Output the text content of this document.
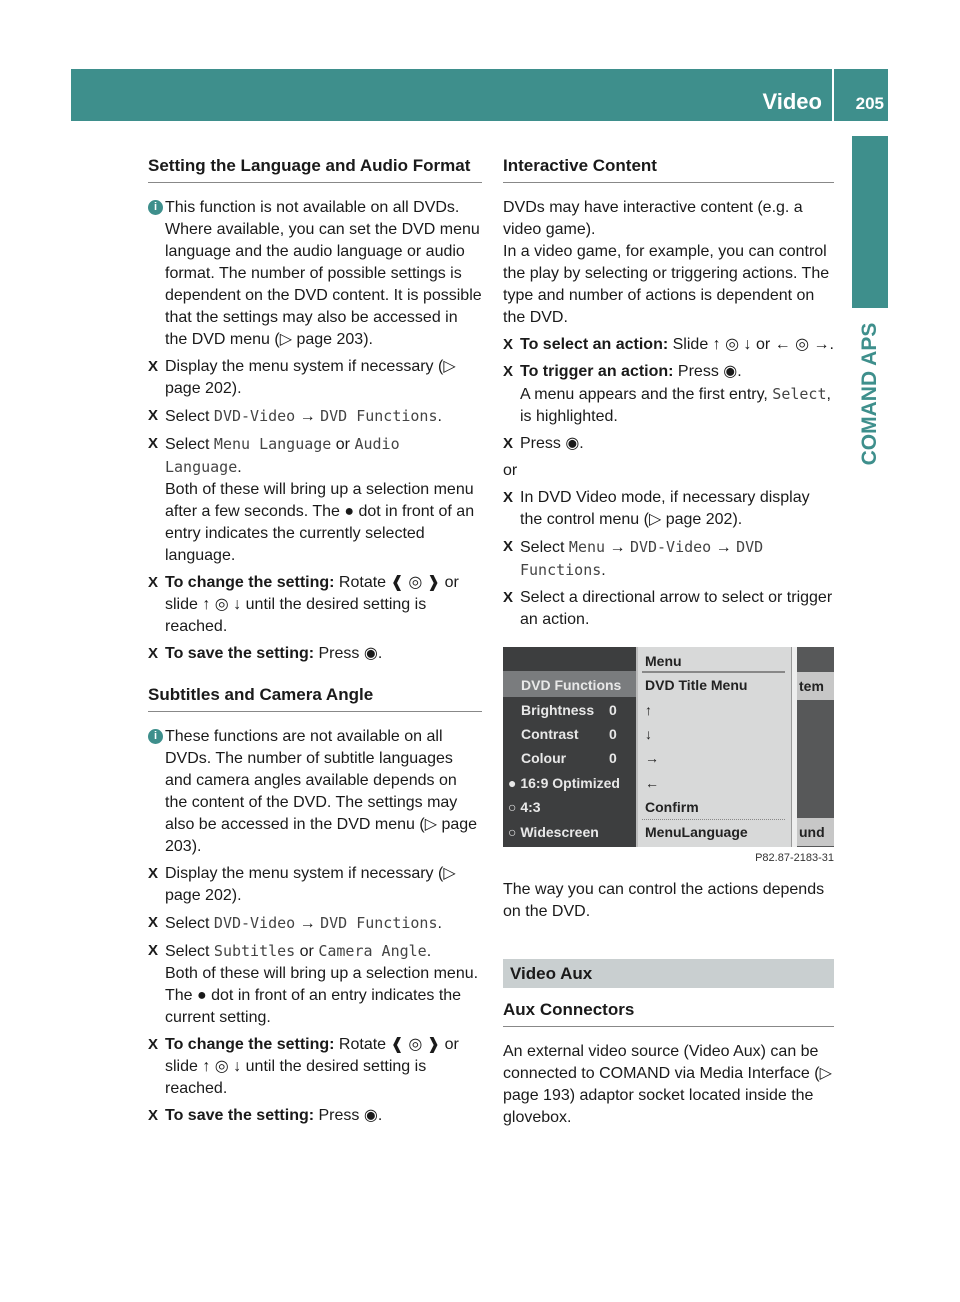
Video 205
COMAND APS
Setting the Language and Audio Format
i This function is not available on all DVDs. Where available, you can set the DVD menu language and the audio language or audio format. The number of possible settings is dependent on the DVD content. It is possible that the settings may also be accessed in the DVD menu (▷ page 203).
X Display the menu system if necessary (▷ page 202).
X Select DVD-Video → DVD Functions.
X Select Menu Language or Audio Language.
Both of these will bring up a selection menu after a few seconds. The ● dot in front of an entry indicates the currently selected language.
X To change the setting: Rotate ❰ ◎ ❱ or slide ↑ ◎ ↓ until the desired setting is reached.
X To save the setting: Press ◉.
Subtitles and Camera Angle
i These functions are not available on all DVDs. The number of subtitle languages and camera angles available depends on the content of the DVD. The settings may also be accessed in the DVD menu (▷ page 203).
X Display the menu system if necessary (▷ page 202).
X Select DVD-Video → DVD Functions.
X Select Subtitles or Camera Angle.
Both of these will bring up a selection menu. The ● dot in front of an entry indicates the current setting.
X To change the setting: Rotate ❰ ◎ ❱ or slide ↑ ◎ ↓ until the desired setting is reached.
X To save the setting: Press ◉.
Interactive Content

DVDs may have interactive content (e.g. a video game).

In a video game, for example, you can control the play by selecting or triggering actions. The type and number of actions is dependent on the DVD.

X To select an action: Slide ↑ ◎ ↓ or ← ◎ →.
X To trigger an action: Press ◉.
A menu appears and the first entry, Select, is highlighted.
X Press ◉.

or

X In DVD Video mode, if necessary display the control menu (▷ page 202).
X Select Menu → DVD-Video → DVD Functions.
X Select a directional arrow to select or trigger an action.
DVD Functions
Brightness 0
Contrast 0
Colour	0
● 16:9 Optimized
○ 4:3
○ Widescreen
Menu
DVD Title Menu
↑
↓
→
←
Confirm
MenuLanguage
tem
und
P82.87-2183-31

The way you can control the actions depends on the DVD.

Video Aux
Aux Connectors

An external video source (Video Aux) can be connected to COMAND via Media Interface (▷ page 193) adaptor socket located inside the glovebox.
